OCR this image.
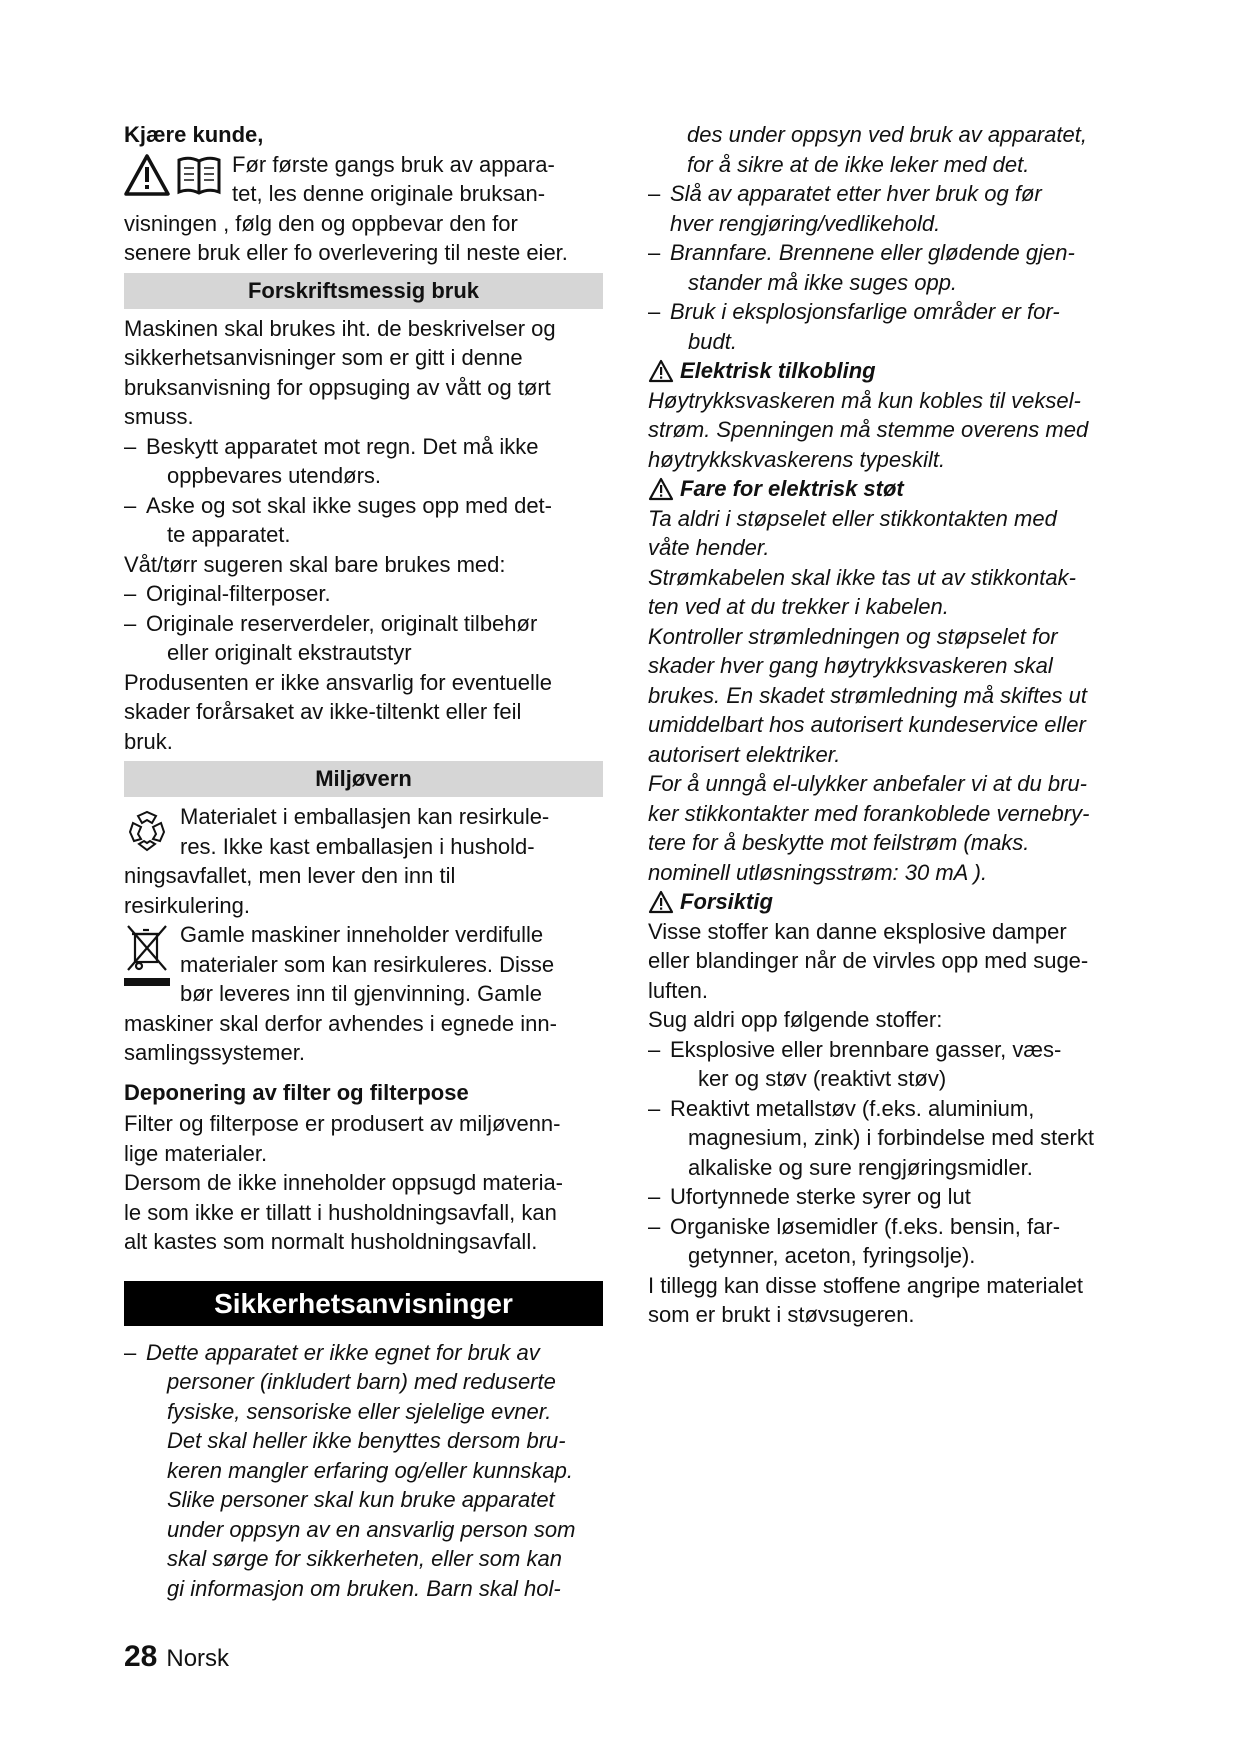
Kjære kunde,

Før første gangs bruk av appara-

tet, les denne originale bruksan-

visningen , følg den og oppbevar den for

senere bruk eller fo overlevering til neste eier.

Forskriftsmessig bruk

Maskinen skal brukes iht. de beskrivelser og
sikkerhetsanvisninger som er gitt i denne
bruksanvisning for oppsuging av vått og tørt
smuss.

– Beskytt apparatet mot regn. Det må ikke
oppbevares utendørs.

– Aske og sot skal ikke suges opp med det-
te apparatet.

Våt/tørr sugeren skal bare brukes med:

– Original-filterposer.

– Originale reserverdeler, originalt tilbehør
eller originalt ekstrautstyr

Produsenten er ikke ansvarlig for eventuelle
skader forårsaket av ikke-tiltenkt eller feil
bruk.

Miljøvern

Materialet i emballasjen kan resirkule-

res. Ikke kast emballasjen i hushold-

ningsavfallet, men lever den inn til

resirkulering.

Gamle maskiner inneholder verdifulle

materialer som kan resirkuleres. Disse

bør leveres inn til gjenvinning. Gamle

maskiner skal derfor avhendes i egnede inn-

samlingssystemer.

Deponering av filter og filterpose

Filter og filterpose er produsert av miljøvenn-
lige materialer.

Dersom de ikke inneholder oppsugd materia-
le som ikke er tillatt i husholdningsavfall, kan
alt kastes som normalt husholdningsavfall.

Sikkerhetsanvisninger

– Dette apparatet er ikke egnet for bruk av
personer (inkludert barn) med reduserte
fysiske, sensoriske eller sjelelige evner.
Det skal heller ikke benyttes dersom bru-
keren mangler erfaring og/eller kunnskap.
Slike personer skal kun bruke apparatet
under oppsyn av en ansvarlig person som
skal sørge for sikkerheten, eller som kan
gi informasjon om bruken. Barn skal hol-

des under oppsyn ved bruk av apparatet,
for å sikre at de ikke leker med det.

– Slå av apparatet etter hver bruk og før
hver rengjøring/vedlikehold.

– Brannfare. Brennene eller glødende gjen-
stander må ikke suges opp.

– Bruk i eksplosjonsfarlige områder er for-
budt.

Elektrisk tilkobling

Høytrykksvaskeren må kun kobles til veksel-
strøm. Spenningen må stemme overens med
høytrykkskvaskerens typeskilt.

Fare for elektrisk støt

Ta aldri i støpselet eller stikkontakten med
våte hender.

Strømkabelen skal ikke tas ut av stikkontak-
ten ved at du trekker i kabelen.

Kontroller strømledningen og støpselet for
skader hver gang høytrykksvaskeren skal
brukes. En skadet strømledning må skiftes ut
umiddelbart hos autorisert kundeservice eller
autorisert elektriker.

For å unngå el-ulykker anbefaler vi at du bru-
ker stikkontakter med forankoblede vernebry-
tere for å beskytte mot feilstrøm (maks.
nominell utløsningsstrøm: 30 mA ).

Forsiktig

Visse stoffer kan danne eksplosive damper
eller blandinger når de virvles opp med suge-
luften.

Sug aldri opp følgende stoffer:

– Eksplosive eller brennbare gasser, væs-
ker og støv (reaktivt støv)

– Reaktivt metallstøv (f.eks. aluminium,
magnesium, zink) i forbindelse med sterkt
alkaliske og sure rengjøringsmidler.

– Ufortynnede sterke syrer og lut

– Organiske løsemidler (f.eks. bensin, far-
getynner, aceton, fyringsolje).

I tillegg kan disse stoffene angripe materialet
som er brukt i støvsugeren.

28 Norsk
